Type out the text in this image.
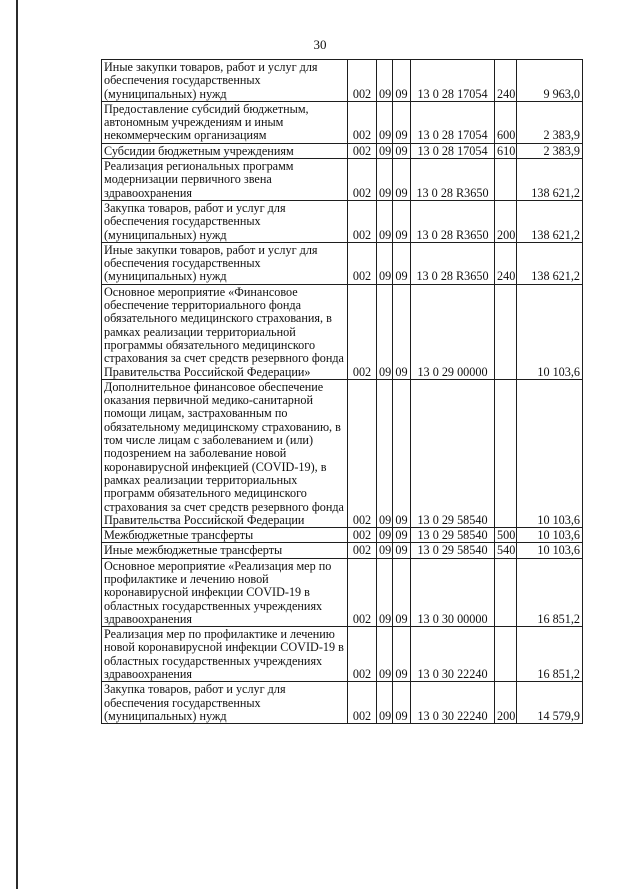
30
Иные закупки товаров, работ и услуг для обеспечения государственных (муниципальных) нужд	002	09	09	13 0 28 17054	240	9 963,0
Предоставление субсидий бюджетным, автономным учреждениям и иным некоммерческим организациям	002	09	09	13 0 28 17054	600	2 383,9
Субсидии бюджетным учреждениям	002	09	09	13 0 28 17054	610	2 383,9
Реализация региональных программ модернизации первичного звена здравоохранения	002	09	09	13 0 28 R3650		138 621,2
Закупка товаров, работ и услуг для обеспечения государственных (муниципальных) нужд	002	09	09	13 0 28 R3650	200	138 621,2
Иные закупки товаров, работ и услуг для обеспечения государственных (муниципальных) нужд	002	09	09	13 0 28 R3650	240	138 621,2
Основное мероприятие «Финансовое обеспечение территориального фонда обязательного медицинского страхования, в рамках реализации территориальной программы обязательного медицинского страхования за счет средств резервного фонда Правительства Российской Федерации»	002	09	09	13 0 29 00000		10 103,6
Дополнительное финансовое обеспечение оказания первичной медико-санитарной помощи лицам, застрахованным по обязательному медицинскому страхованию, в том числе лицам с заболеванием и (или) подозрением на заболевание новой коронавирусной инфекцией (COVID-19), в рамках реализации территориальных программ обязательного медицинского страхования за счет средств резервного фонда Правительства Российской Федерации	002	09	09	13 0 29 58540		10 103,6
Межбюджетные трансферты	002	09	09	13 0 29 58540	500	10 103,6
Иные межбюджетные трансферты	002	09	09	13 0 29 58540	540	10 103,6
Основное мероприятие «Реализация мер по профилактике и лечению новой коронавирусной инфекции COVID-19 в областных государственных учреждениях здравоохранения	002	09	09	13 0 30 00000		16 851,2
Реализация мер по профилактике и лечению новой коронавирусной инфекции COVID-19 в областных государственных учреждениях здравоохранения	002	09	09	13 0 30 22240		16 851,2
Закупка товаров, работ и услуг для обеспечения государственных (муниципальных) нужд	002	09	09	13 0 30 22240	200	14 579,9
